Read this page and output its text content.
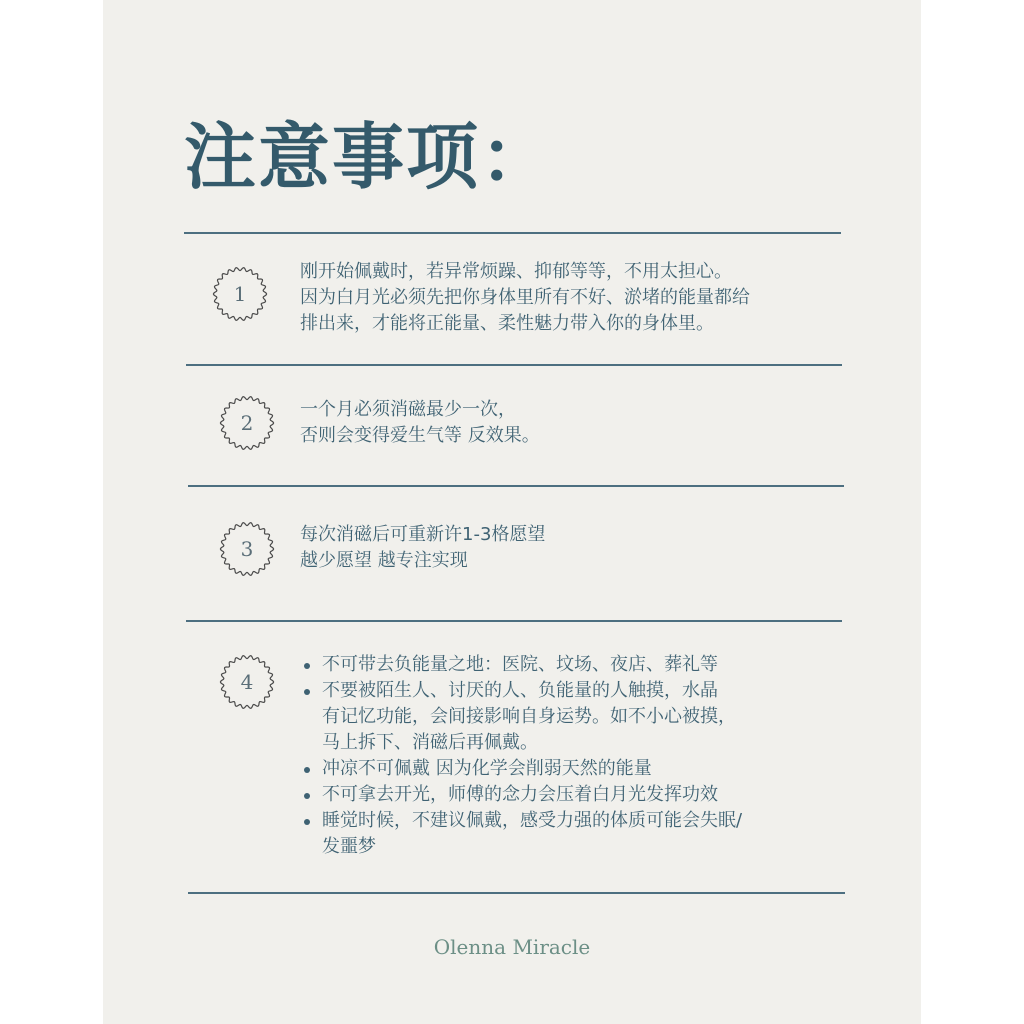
注意事项：
1
刚开始佩戴时，若异常烦躁、抑郁等等，不用太担心。
因为白月光必须先把你身体里所有不好、淤堵的能量都给
排出来，才能将正能量、柔性魅力带入你的身体里。
2
一个月必须消磁最少一次，
否则会变得爱生气等 反效果。
3
每次消磁后可重新许1-3格愿望
越少愿望 越专注实现
4
不可带去负能量之地：医院、坟场、夜店、葬礼等
不要被陌生人、讨厌的人、负能量的人触摸，水晶
有记忆功能，会间接影响自身运势。如不小心被摸，
马上拆下、消磁后再佩戴。
冲凉不可佩戴 因为化学会削弱天然的能量
不可拿去开光，师傅的念力会压着白月光发挥功效
睡觉时候，不建议佩戴，感受力强的体质可能会失眠/
发噩梦
Olenna Miracle
